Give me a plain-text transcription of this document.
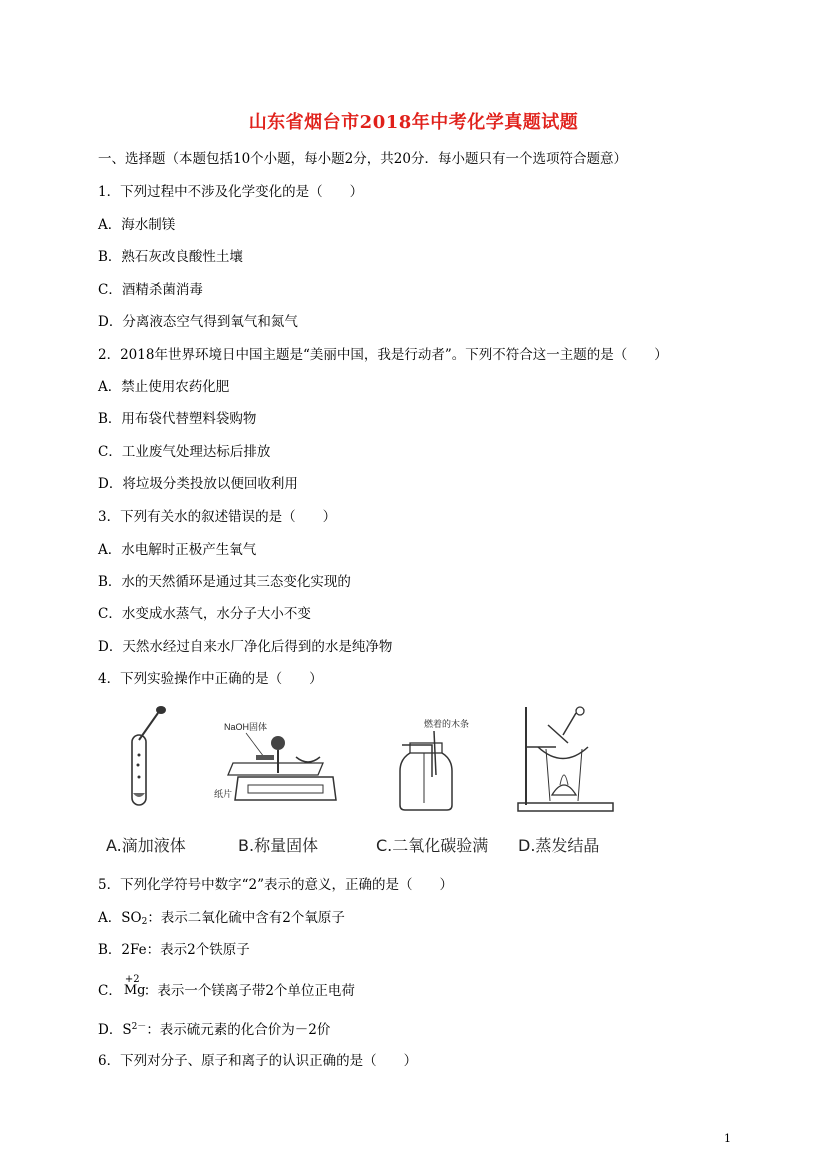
山东省烟台市2018年中考化学真题试题
一、选择题（本题包括10个小题，每小题2分，共20分．每小题只有一个选项符合题意）
1．下列过程中不涉及化学变化的是（　　）
A．海水制镁
B．熟石灰改良酸性土壤
C．酒精杀菌消毒
D．分离液态空气得到氧气和氮气
2．2018年世界环境日中国主题是“美丽中国，我是行动者”。下列不符合这一主题的是（　　）
A．禁止使用农药化肥
B．用布袋代替塑料袋购物
C．工业废气处理达标后排放
D．将垃圾分类投放以便回收利用
3．下列有关水的叙述错误的是（　　）
A．水电解时正极产生氧气
B．水的天然循环是通过其三态变化实现的
C．水变成水蒸气，水分子大小不变
D．天然水经过自来水厂净化后得到的水是纯净物
4．下列实验操作中正确的是（　　）
A.滴加液体
NaOH固体
纸片
B.称量固体
燃着的木条
C.二氧化碳验满 D.蒸发结晶
5．下列化学符号中数字“2”表示的意义，正确的是（　　）
A．$SO_2$：表示二氧化硫中含有2个氧原子
B．2Fe：表示2个铁原子
C．
+2
Mg
：表示一个镁离子带2个单位正电荷
D．$S^{2-}$：表示硫元素的化合价为－2价
6．下列对分子、原子和离子的认识正确的是（　　）
1
